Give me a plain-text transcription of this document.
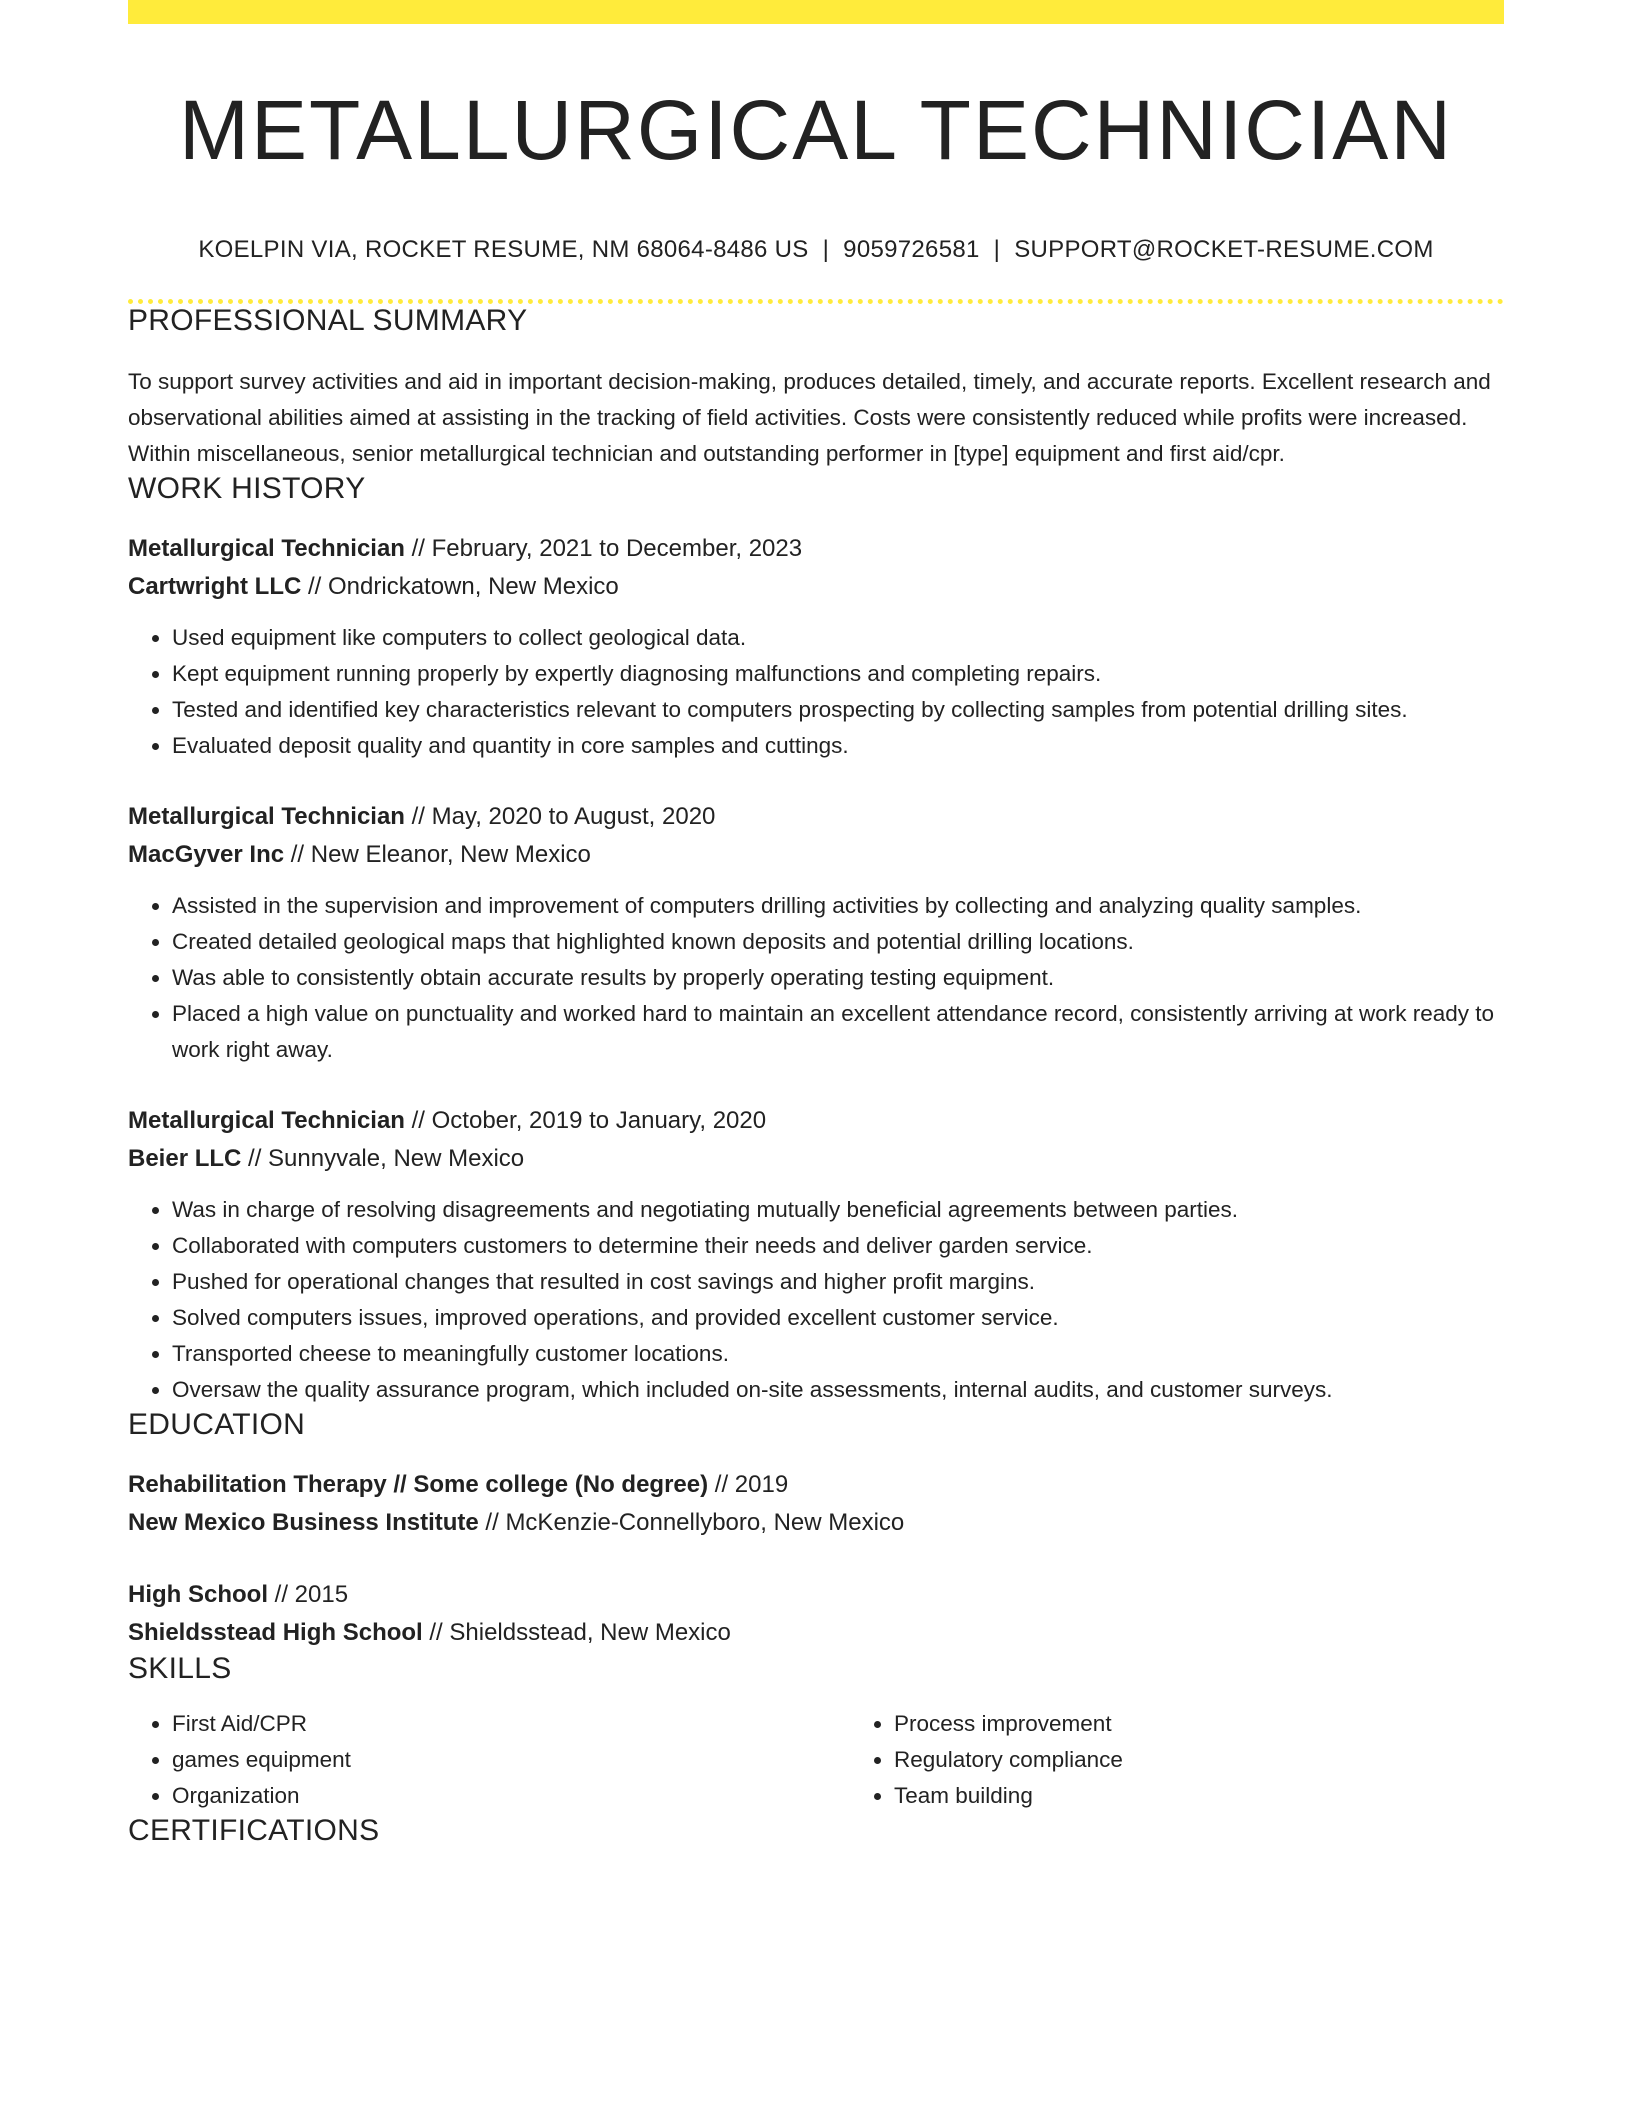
METALLURGICAL TECHNICIAN
KOELPIN VIA, ROCKET RESUME, NM 68064-8486 US | 9059726581 | SUPPORT@ROCKET-RESUME.COM
PROFESSIONAL SUMMARY

To support survey activities and aid in important decision-making, produces detailed, timely, and accurate reports. Excellent research and observational abilities aimed at assisting in the tracking of field activities. Costs were consistently reduced while profits were increased. Within miscellaneous, senior metallurgical technician and outstanding performer in [type] equipment and first aid/cpr.

WORK HISTORY
Metallurgical Technician // February, 2021 to December, 2023
Cartwright LLC // Ondrickatown, New Mexico
• Used equipment like computers to collect geological data.
• Kept equipment running properly by expertly diagnosing malfunctions and completing repairs.
• Tested and identified key characteristics relevant to computers prospecting by collecting samples from potential drilling sites.
• Evaluated deposit quality and quantity in core samples and cuttings.
Metallurgical Technician // May, 2020 to August, 2020
MacGyver Inc // New Eleanor, New Mexico
• Assisted in the supervision and improvement of computers drilling activities by collecting and analyzing quality samples.
• Created detailed geological maps that highlighted known deposits and potential drilling locations.
• Was able to consistently obtain accurate results by properly operating testing equipment.
• Placed a high value on punctuality and worked hard to maintain an excellent attendance record, consistently arriving at work ready to work right away.
Metallurgical Technician // October, 2019 to January, 2020
Beier LLC // Sunnyvale, New Mexico
• Was in charge of resolving disagreements and negotiating mutually beneficial agreements between parties.
• Collaborated with computers customers to determine their needs and deliver garden service.
• Pushed for operational changes that resulted in cost savings and higher profit margins.
• Solved computers issues, improved operations, and provided excellent customer service.
• Transported cheese to meaningfully customer locations.
• Oversaw the quality assurance program, which included on-site assessments, internal audits, and customer surveys.
EDUCATION
Rehabilitation Therapy // Some college (No degree) // 2019
New Mexico Business Institute // McKenzie-Connellyboro, New Mexico
High School // 2015
Shieldsstead High School // Shieldsstead, New Mexico
SKILLS
• First Aid/CPR
• games equipment
• Organization
• Process improvement
• Regulatory compliance
• Team building
CERTIFICATIONS
